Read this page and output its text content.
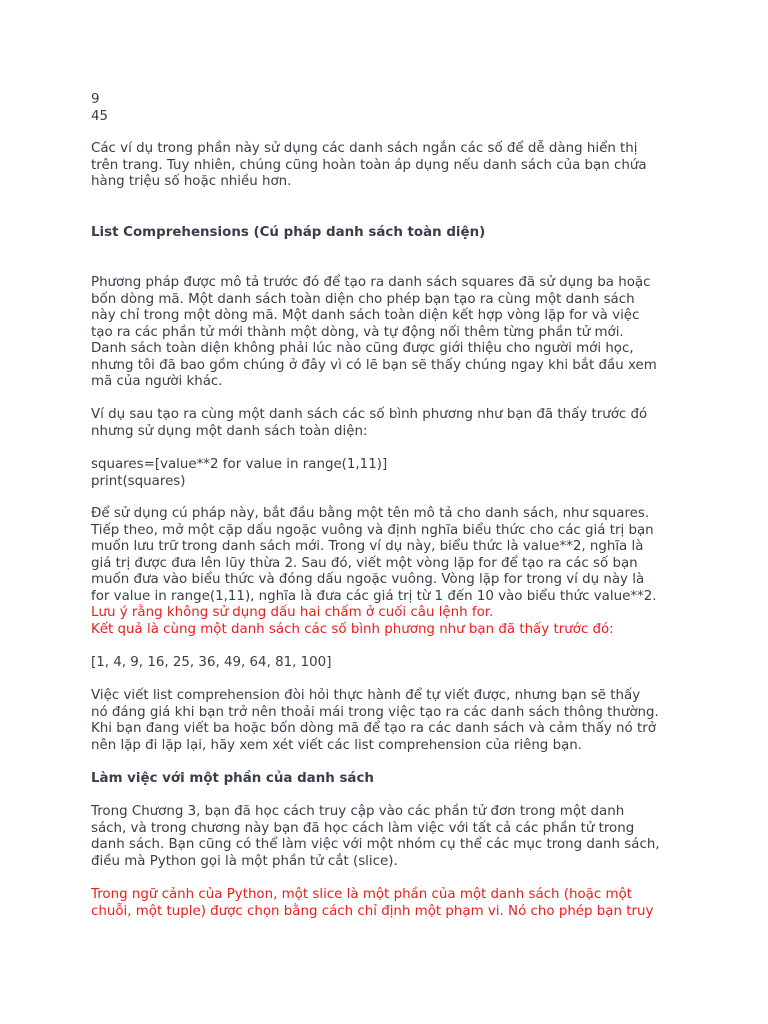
9
45
Các ví dụ trong phần này sử dụng các danh sách ngắn các số để dễ dàng hiển thị
trên trang. Tuy nhiên, chúng cũng hoàn toàn áp dụng nếu danh sách của bạn chứa
hàng triệu số hoặc nhiều hơn.
List Comprehensions (Cú pháp danh sách toàn diện)
Phương pháp được mô tả trước đó để tạo ra danh sách squares đã sử dụng ba hoặc
bốn dòng mã. Một danh sách toàn diện cho phép bạn tạo ra cùng một danh sách
này chỉ trong một dòng mã. Một danh sách toàn diện kết hợp vòng lặp for và việc
tạo ra các phần tử mới thành một dòng, và tự động nối thêm từng phần tử mới.
Danh sách toàn diện không phải lúc nào cũng được giới thiệu cho người mới học,
nhưng tôi đã bao gồm chúng ở đây vì có lẽ bạn sẽ thấy chúng ngay khi bắt đầu xem
mã của người khác.
Ví dụ sau tạo ra cùng một danh sách các số bình phương như bạn đã thấy trước đó
nhưng sử dụng một danh sách toàn diện:
squares=[value**2 for value in range(1,11)]
print(squares)
Để sử dụng cú pháp này, bắt đầu bằng một tên mô tả cho danh sách, như squares.
Tiếp theo, mở một cặp dấu ngoặc vuông và định nghĩa biểu thức cho các giá trị bạn
muốn lưu trữ trong danh sách mới. Trong ví dụ này, biểu thức là value**2, nghĩa là
giá trị được đưa lên lũy thừa 2. Sau đó, viết một vòng lặp for để tạo ra các số bạn
muốn đưa vào biểu thức và đóng dấu ngoặc vuông. Vòng lặp for trong ví dụ này là
for value in range(1,11), nghĩa là đưa các giá trị từ 1 đến 10 vào biểu thức value**2.
Lưu ý rằng không sử dụng dấu hai chấm ở cuối câu lệnh for.
Kết quả là cùng một danh sách các số bình phương như bạn đã thấy trước đó:
[1, 4, 9, 16, 25, 36, 49, 64, 81, 100]
Việc viết list comprehension đòi hỏi thực hành để tự viết được, nhưng bạn sẽ thấy
nó đáng giá khi bạn trở nên thoải mái trong việc tạo ra các danh sách thông thường.
Khi bạn đang viết ba hoặc bốn dòng mã để tạo ra các danh sách và cảm thấy nó trở
nên lặp đi lặp lại, hãy xem xét viết các list comprehension của riêng bạn.
Làm việc với một phần của danh sách
Trong Chương 3, bạn đã học cách truy cập vào các phần tử đơn trong một danh
sách, và trong chương này bạn đã học cách làm việc với tất cả các phần tử trong
danh sách. Bạn cũng có thể làm việc với một nhóm cụ thể các mục trong danh sách,
điều mà Python gọi là một phần tử cắt (slice).
Trong ngữ cảnh của Python, một slice là một phần của một danh sách (hoặc một
chuỗi, một tuple) được chọn bằng cách chỉ định một phạm vi. Nó cho phép bạn truy
